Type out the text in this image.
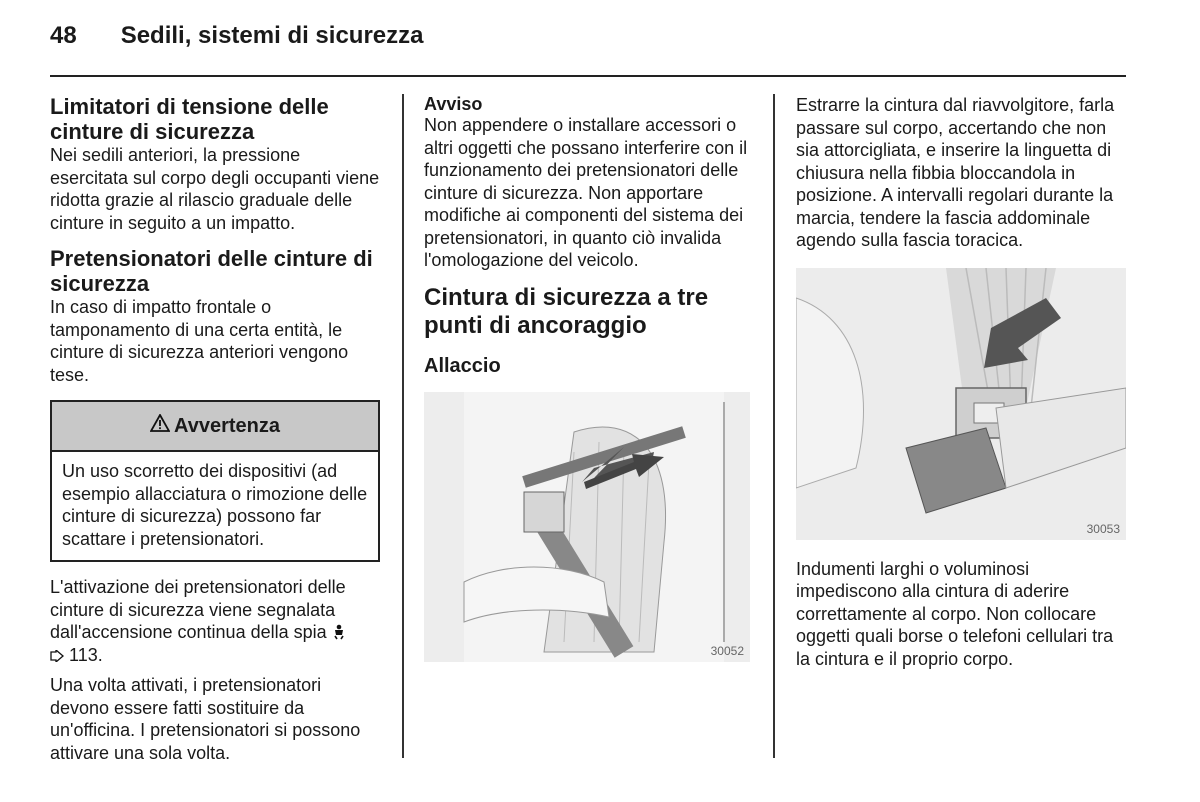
48 Sedili, sistemi di sicurezza
Limitatori di tensione delle cinture di sicurezza

Nei sedili anteriori, la pressione esercitata sul corpo degli occupanti viene ridotta grazie al rilascio graduale delle cinture in seguito a un impatto.

Pretensionatori delle cinture di sicurezza

In caso di impatto frontale o tamponamento di una certa entità, le cinture di sicurezza anteriori vengono tese.

Avvertenza

Un uso scorretto dei dispositivi (ad esempio allacciatura o rimozione delle cinture di sicurezza) possono far scattare i pretensionatori.

L'attivazione dei pretensionatori delle cinture di sicurezza viene segnalata dall'accensione continua della spia
113.

Una volta attivati, i pretensionatori devono essere fatti sostituire da un'officina. I pretensionatori si possono attivare una sola volta.

Avviso

Non appendere o installare accessori o altri oggetti che possano interferire con il funzionamento dei pretensionatori delle cinture di sicurezza. Non apportare modifiche ai componenti del sistema dei pretensionatori, in quanto ciò invalida l'omologazione del veicolo.

Cintura di sicurezza a tre punti di ancoraggio
Allaccio
30052

Estrarre la cintura dal riavvolgitore, farla passare sul corpo, accertando che non sia attorcigliata, e inserire la linguetta di chiusura nella fibbia bloccandola in posizione. A intervalli regolari durante la marcia, tendere la fascia addominale agendo sulla fascia toracica.

30053

Indumenti larghi o voluminosi impediscono alla cintura di aderire correttamente al corpo. Non collocare oggetti quali borse o telefoni cellulari tra la cintura e il proprio corpo.
